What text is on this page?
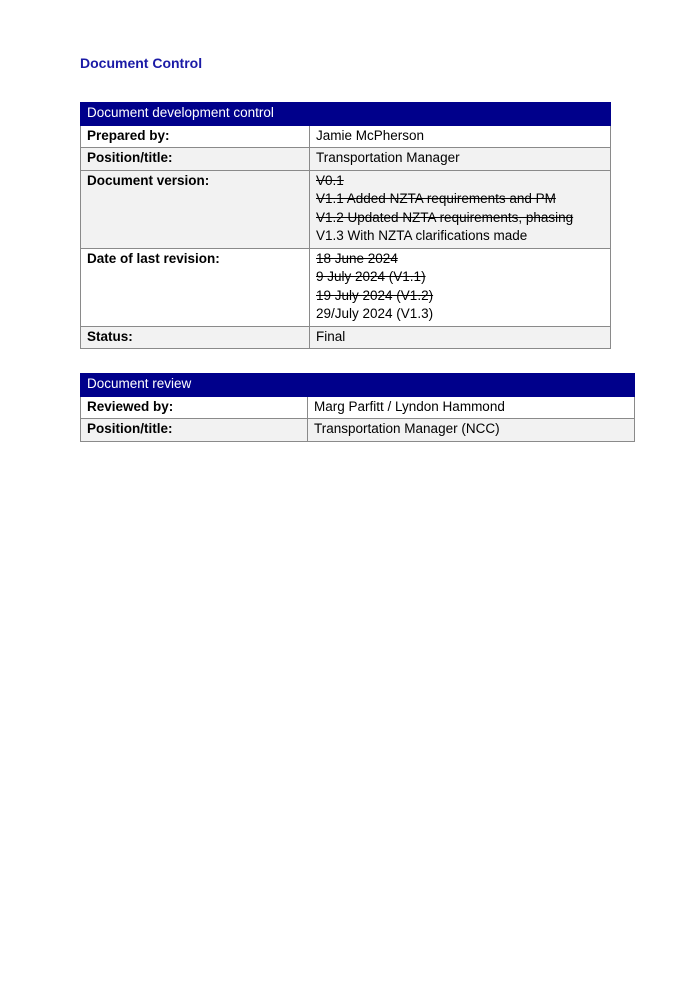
Document Control
Document development control	
Prepared by:	Jamie McPherson
Position/title:	Transportation Manager
Document version:	V0.1
V1.1 Added NZTA requirements and PM
V1.2 Updated NZTA requirements, phasing
V1.3 With NZTA clarifications made

Date of last revision:	18 June 2024
9 July 2024 (V1.1)
19 July 2024 (V1.2)
29/July 2024 (V1.3)

Status:	Final
Document review	
Reviewed by:	Marg Parfitt / Lyndon Hammond
Position/title:	Transportation Manager (NCC)
